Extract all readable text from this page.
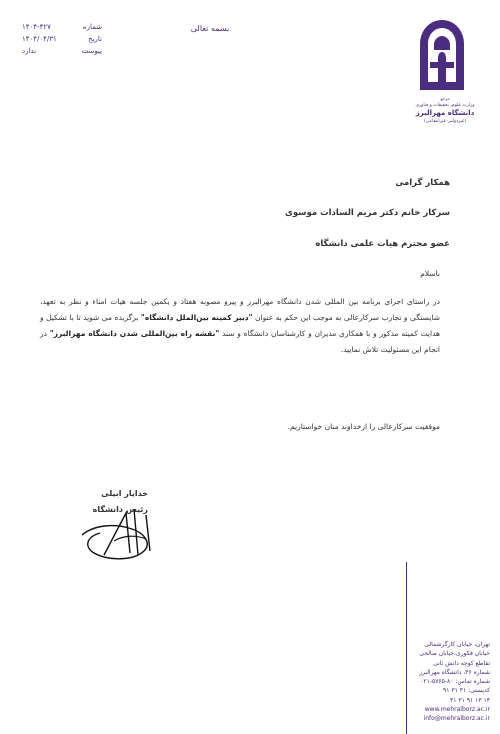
مرجع
وزارت علوم، تحقیقات و فناوری
دانشگاه مهرالبرز
(غیردولتی-غیرانتفاعی)
بسمه تعالی
۱۴۰۴-۴۲۷	شماره
۱۴۰۴/۰۴/۳۱	تاریخ
ندارد	پیوست

همکار گرامی

سرکار خانم دکتر مریم السادات موسوی

عضو محترم هیات علمی دانشگاه

باسلام

در راستای اجرای برنامه بین المللی شدن دانشگاه مهرالبرز و پیرو مصوبه هفتاد و یکمین جلسه هیات امناء و نظر به تعهد، شایستگی و تجارب سرکارعالی به موجب این حکم به عنوان "دبیر کمیته بین‌الملل دانشگاه" برگزیده می شوید تا با تشکیل و هدایت کمیته مذکور و با همکاری مدیران و کارشناسان دانشگاه و سند "نقشه راه بین‌المللی شدن دانشگاه مهرالبرز" در انجام این مسئولیت تلاش نمایید.

موفقیت سرکارعالی را ازخداوند منان خواستاریم.

خدایار ابیلی
رئیس دانشگاه
تهران، خیابان کارگرشمالی
خیابان فکوری،خیابان صالحی
تقاطع کوچه دانش ثانی
شماره ۳۶، دانشگاه مهرالبرز
شماره تماس: ۸۰-۵۷۶۵-۰۲۱
کدپستی: ۴۱ ۳۱ ۹۱
۱۴ ۱۳ ۹۱ ۳۱ ۴۱
www.mehralborz.ac.ir
info@mehralborz.ac.ir
